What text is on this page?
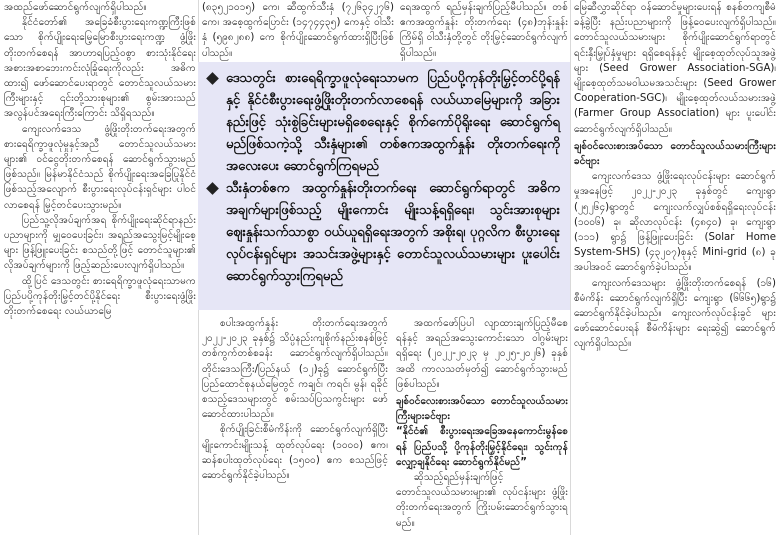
အထည်ဖော်ဆောင်ရွက်လျက်ရှိပါသည်။

နိုင်ငံတော်၏ အခြေခံစီးပွားရေးကဏ္ဍကြီးဖြစ်သော စိုက်ပျိုးရေးမြေ့မြောစီးပွားရေးကဏ္ဍ ဖွံ့ဖြိုးတိုးတက်စေရန် အာဟာရပြည့်ဝစွာ စားသုံးနိုင်ရေး အစားအစာဘေးကင်းလုံခြုံရေးကိုလည်း အဓိကထား၍ ဖော်ဆောင်ပေးရာတွင် တောင်သူလယ်သမားကြီးများနှင့် ၎င်းတို့သားစုများ၏ စွမ်းအားသည် အလွန်ပင်အရေးကြီးကြောင်း သိရှိရသည်။

ကျေးလက်ဒေသ ဖွံ့ဖြိုးတိုးတက်ရေးအတွက် စားရေရိက္ခာဖူလုံမှုနှင့်အညီ တောင်သူလယ်သမားများ၏ ဝင်ငွေတိုးတက်စေရန် ဆောင်ရွက်သွားမည်ဖြစ်သည်။ မြန်မာနိုင်ငံသည် စိုက်ပျိုးရေးအခြေပြုနိုင်ငံဖြစ်သည့်အလျောက် စီးပွားရေးလုပ်ငန်းရှင်များ ပါဝင်လာစေရန် မြှင့်တင်ပေးသွားမည်။

ပြည်သူ့လိုအပ်ချက်အရ စိုက်ပျိုးရေးဆိုင်ရာနည်းပညာများကို မျှဝေပေးခြင်း၊ အရည်အသွေးမြင့်မျိုးစေ့များ ဖြန့်ဖြူးပေးခြင်း စသည်တို့ဖြင့် တောင်သူများ၏ လိုအပ်ချက်များကို ဖြည့်ဆည်းပေးလျက်ရှိပါသည်။

ထို့ပြင် ဒေသတွင်း စားရေရိက္ခာဖူလုံရေးသာမက ပြည်ပပို့ကုန်တိုးမြှင့်တင်ပို့နိုင်ရေး စီးပွားရေးဖွံ့ဖြိုးတိုးတက်စေရေး လယ်ယာမြေ

(၈၃၅၂၁၀၁၅) ကေ၊ ဆီထွက်သီးနှံ (၇၂၆၃၄၂၇၆) ကေ၊ အစေ့ထွက်ပြောင်း (၁၄၇၄၄၃၅) ကေနှင့် ဝါသီးနှံ (၅၉၈၂၈၈) ကေ စိုက်ပျိုးဆောင်ရွက်ထားရှိပြီးဖြစ်ပါသည်။

ရေအထွက် ရည်မှန်းချက်ပြည့်မီပါသည်။ တစ်ဧကအထွက်နှုန်း တိုးတက်ရေး (၄၈)ဘုန်းနှုန်းကြိမ်ရှိ ဝါသီးနှံတို့တွင် တိုးမြှင့်ဆောင်ရွက်လျက်ရှိပါသည်။

ဒေသတွင်း စားရေရိက္ခာဖူလုံရေးသာမက ပြည်ပပို့ကုန်တိုးမြှင့်တင်ပို့ရန်နှင့် နိုင်ငံစီးပွားရေးဖွံ့ဖြိုးတိုးတက်လာစေရန် လယ်ယာမြေများကို အခြားနည်းဖြင့် သုံးစွဲခြင်းများမရှိစေရေးနှင့် စိုက်ကော်ပိုရိုးရေး ဆောင်ရွက်ရမည်ဖြစ်သကဲ့သို့ သီးနှံများ၏ တစ်ဧကအထွက်နှုန်း တိုးတက်ရေးကို အလေးပေး ဆောင်ရွက်ကြရမည်
သီးနှံတစ်ဧက အထွက်နှုန်းတိုးတက်ရေး ဆောင်ရွက်ရာတွင် အဓိကအချက်များဖြစ်သည့် မျိုးကောင်း မျိုးသန့်ရရှိရေး၊ သွင်းအားစုများ ဈေးနှုန်းသက်သာစွာ ဝယ်ယူရရှိရေးအတွက် အစိုးရ၊ ပုဂ္ဂလိက စီးပွားရေးလုပ်ငန်းရှင်များ အသင်းအဖွဲ့များနှင့် တောင်သူလယ်သမားများ ပူးပေါင်းဆောင်ရွက်သွားကြရမည်

စပါးအထွက်နှုန်း တိုးတက်ရေးအတွက် ၂၀၂၂-၂၀၂၃ ခုနှစ်၌ သိပ္ပံနည်းကျစိုက်နည်းစနစ်ဖြင့် တစ်ကွက်တစ်စခန်း ဆောင်ရွက်လျက်ရှိပါသည်။ တိုင်းဒေသကြီး/ပြည်နယ် (၁၂)ခု၌ ဆောင်ရွက်ပြီး ပြည်ထောင်စုနယ်မြေတွင် ကချင်၊ ကရင်၊ မွန်၊ ရခိုင် စသည့်ဒေသများတွင် စမ်းသပ်ပြသကွင်းများ ဖော်ဆောင်ထားပါသည်။

စိုက်ပျိုးခြင်းစီမံကိန်းကို ဆောင်ရွက်လျက်ရှိပြီး မျိုးကောင်းမျိုးသန့် ထုတ်လုပ်ရေး (၁၀၀၀) ဧက၊ ဆန်စပါးထုတ်လုပ်ရေး (၁၅၀၀) ဧက စသည်ဖြင့် ဆောင်ရွက်နိုင်ခဲ့ပါသည်။

အထက်ဖော်ပြပါ လျာထားချက်ပြည့်မီစေရန်နှင့် အရည်အသွေးကောင်းသော ဝါဂွမ်းများရရှိရေး (၂၀၂၂-၂၀၂၃ မှ ၂၀၂၅-၂၀၂၆) ခုနှစ်အထိ ကာလသတ်မှတ်၍ ဆောင်ရွက်သွားမည်ဖြစ်ပါသည်။

ချစ်ဝင်လေးစားအပ်သော တောင်သူလယ်သမားကြီးများခင်ဗျား

“နိုင်ငံ၏ စီးပွားရေးအခြေအနေကောင်းမွန်စေရန် ပြည်ပသို့ ပို့ကုန်တိုးမြှင့်နိုင်ရေး၊ သွင်းကုန်လျှော့ချနိုင်ရေး ဆောင်ရွက်နိုင်မည်”

ဆိုသည့်ရည်မှန်းချက်ဖြင့် တောင်သူလယ်သမားများ၏ လုပ်ငန်းများ ဖွံ့ဖြိုးတိုးတက်ရေးအတွက် ကြိုးပမ်းဆောင်ရွက်သွားရမည်။

မြေဆီလွှာဆိုင်ရာ ဝန်ဆောင်မှုများပေးရန် စနစ်တကျစီမံခန့်ခွဲပြီး နည်းပညာများကို ဖြန့်ဝေပေးလျက်ရှိပါသည်။ တောင်သူလယ်သမားများ စိုက်ပျိုးဆောင်ရွက်ရာတွင် ရင်းနှီးမြှုပ်နှံမှုများ ရရှိစေရန်နှင့် မျိုးစေ့ထုတ်လုပ်သူအဖွဲ့များ (Seed Grower Association-SGA)၊ မျိုးစေ့ထုတ်သမဝါယမအသင်းများ (Seed Grower Cooperation-SGC)၊ မျိုးစေ့ထုတ်လယ်သမားအဖွဲ့ (Farmer Group Association) များ ပူးပေါင်းဆောင်ရွက်လျက်ရှိပါသည်။

ချစ်ဝင်လေးစားအပ်သော တောင်သူလယ်သမားကြီးများခင်ဗျား

ကျေးလက်ဒေသ ဖွံ့ဖြိုးရေးလုပ်ငန်းများ ဆောင်ရွက်မှုအနေဖြင့် ၂၀၂၂-၂၀၂၃ ခုနှစ်တွင် ကျေးရွာ (၂၅၂၆၄)ရွာတွင် ကျေးလက်လျှပ်စစ်ရရှိရေးလုပ်ငန်း (၁၀၀၆) ခု၊ ဆိုလာလုပ်ငန်း (၄၈၄၀) ခု၊ ကျေးရွာ (၁၁၁) ရွာ၌ ဖြန့်ဖြူးပေးခြင်း (Solar Home System-SHS) (၄၃၂၀၇)စုနှင့် Mini-grid (၈) ခု အပါအဝင် ဆောင်ရွက်ခဲ့ပါသည်။

ကျေးလက်ဒေသများ ဖွံ့ဖြိုးတိုးတက်စေရန် (၁၆) စီမံကိန်း ဆောင်ရွက်လျက်ရှိပြီး ကျေးရွာ (၆၆၆၅)ရွာ၌ ဆောင်ရွက်နိုင်ခဲ့ပါသည်။ ကျေးလက်လုပ်ငန်းခွင် များ ဖော်ဆောင်ပေးရန် စီမံကိန်းများ ရေးဆွဲ၍ ဆောင်ရွက်လျက်ရှိပါသည်။
